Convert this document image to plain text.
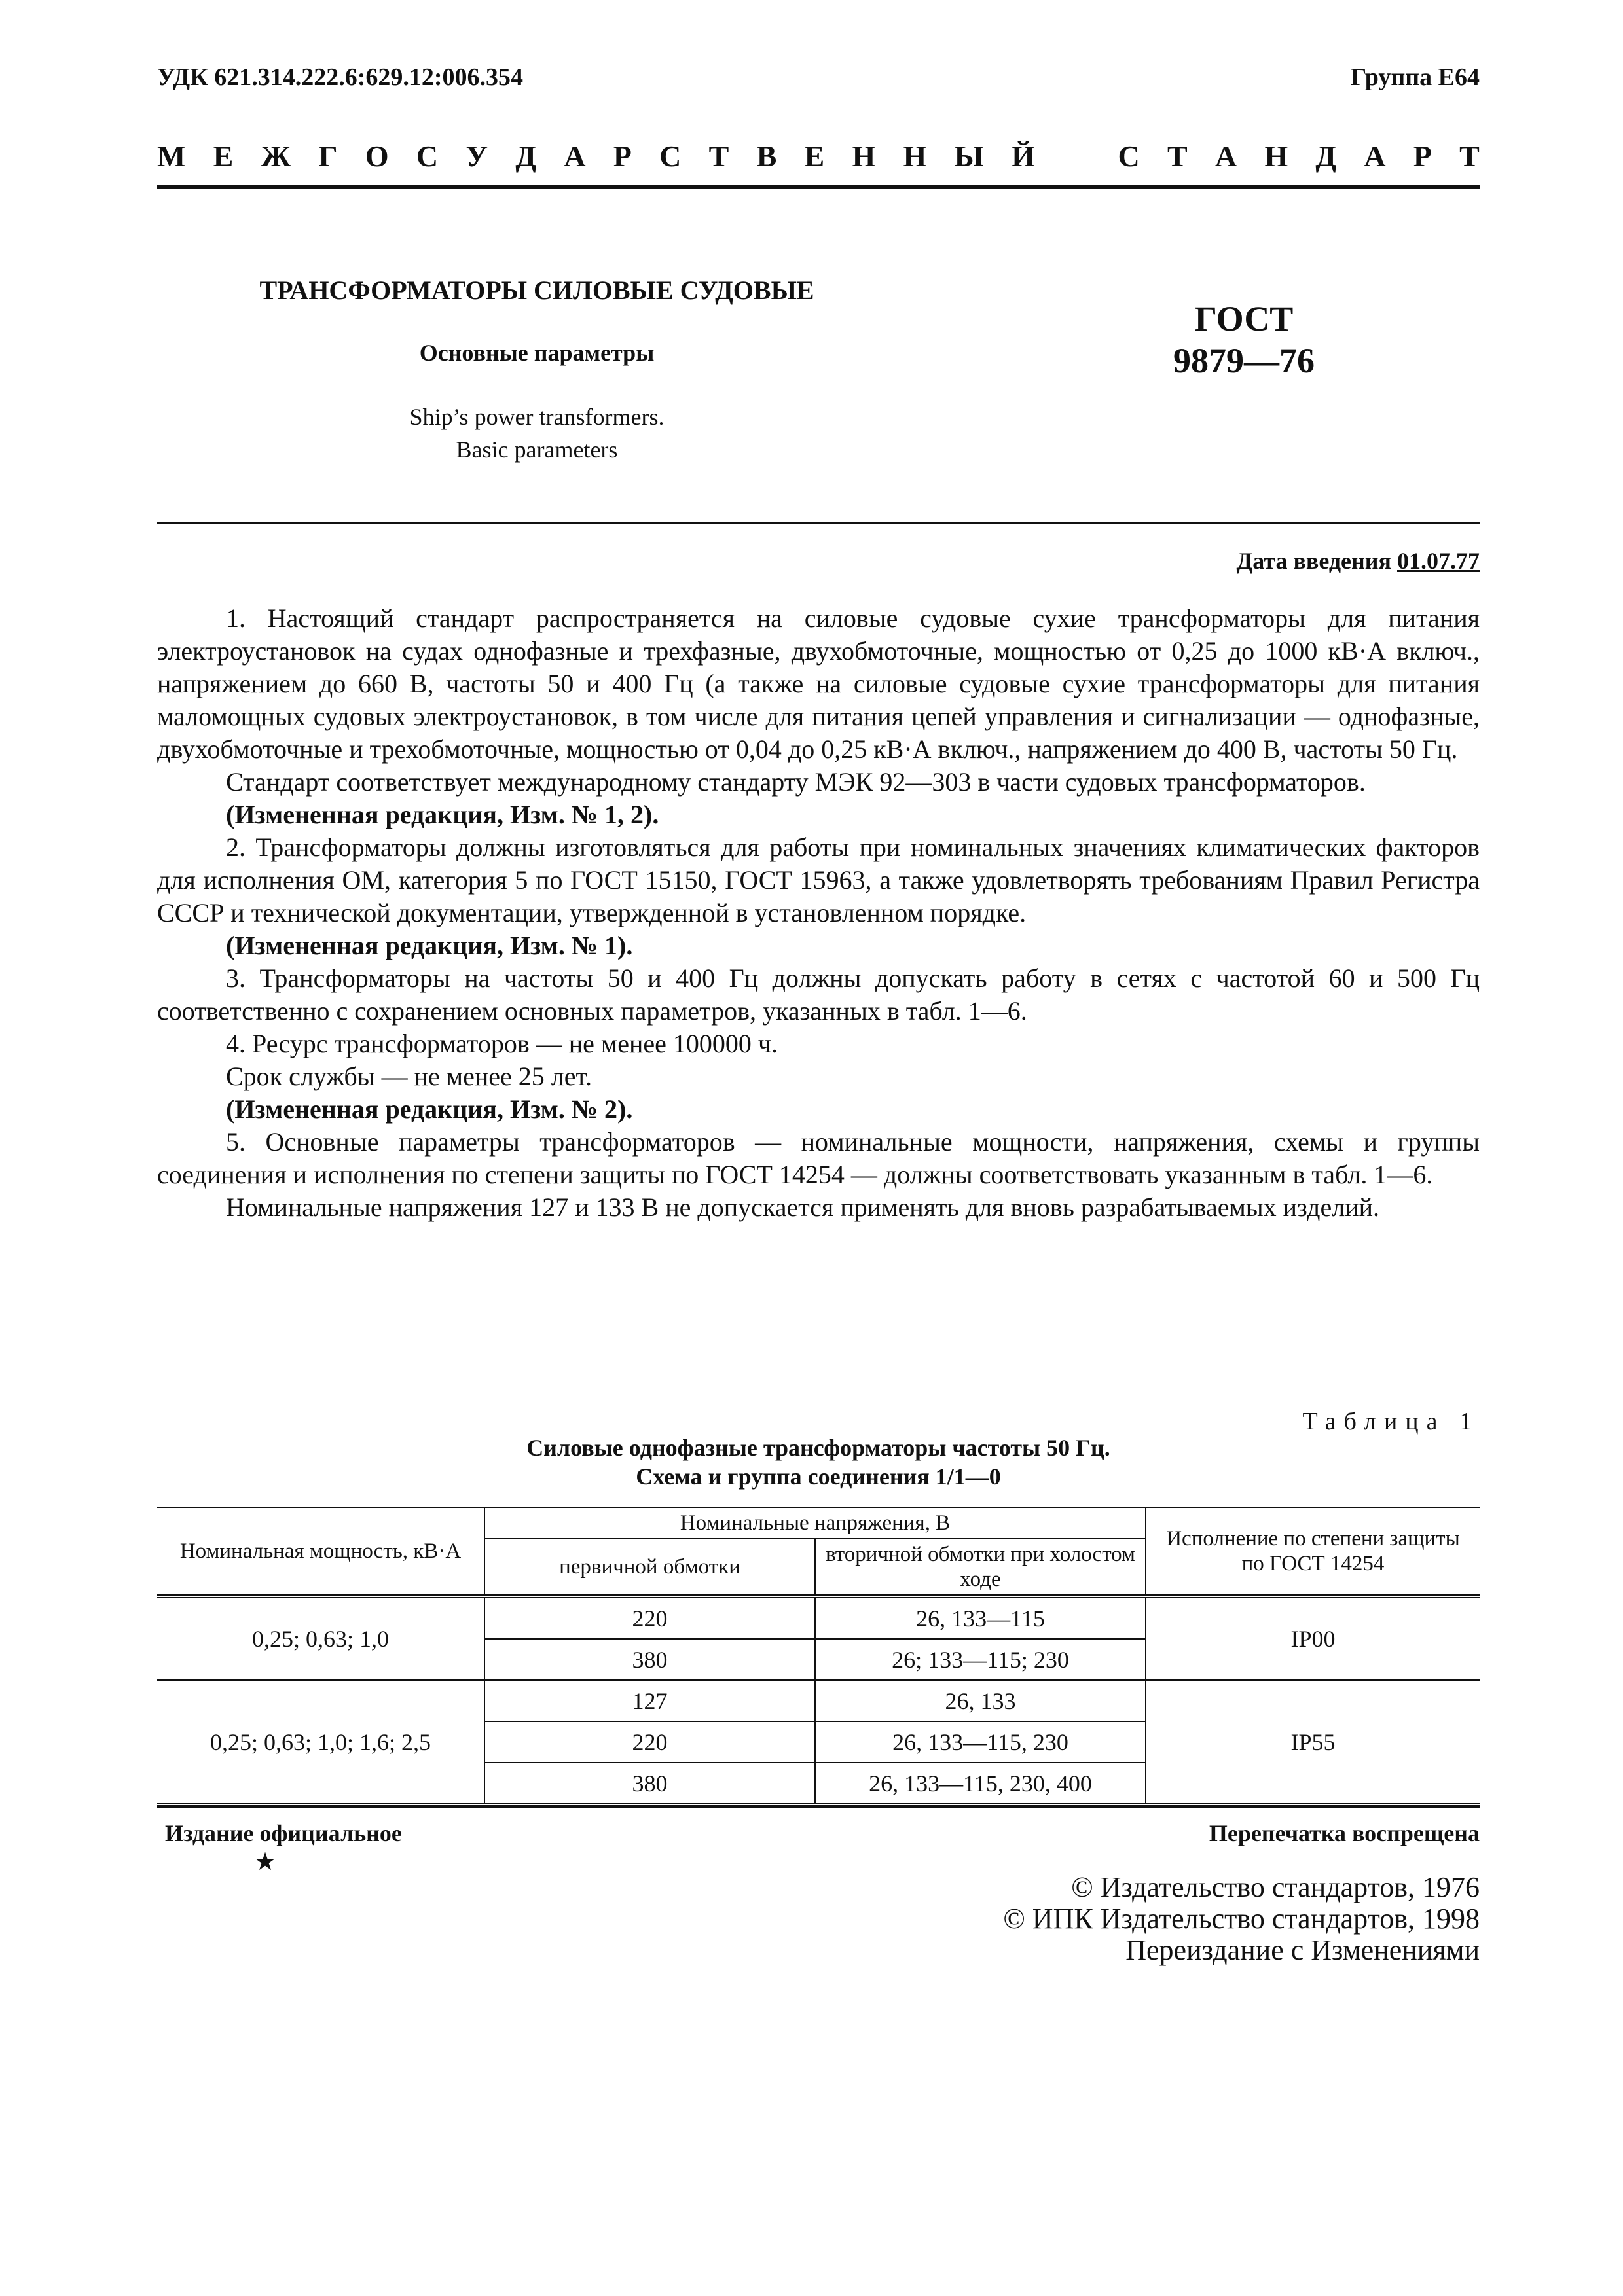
УДК 621.314.222.6:629.12:006.354	Группа Е64
М Е Ж Г О С У Д А Р С Т В Е Н Н Ы Й	С Т А Н Д А Р Т
ТРАНСФОРМАТОРЫ СИЛОВЫЕ СУДОВЫЕ
Основные параметры
Ship’s power transformers.
Basic parameters
ГОСТ
9879—76
Дата введения 01.07.77

1. Настоящий стандарт распространяется на силовые судовые сухие трансформаторы для питания электроустановок на судах однофазные и трехфазные, двухобмоточные, мощностью от 0,25 до 1000 кВ·А включ., напряжением до 660 В, частоты 50 и 400 Гц (а также на силовые судовые сухие трансформаторы для питания маломощных судовых электроустановок, в том числе для питания цепей управления и сигнализации — однофазные, двухобмоточные и трехобмоточные, мощностью от 0,04 до 0,25 кВ·А включ., напряжением до 400 В, частоты 50 Гц.

Стандарт соответствует международному стандарту МЭК 92—303 в части судовых трансформаторов.

(Измененная редакция, Изм. № 1, 2).

2. Трансформаторы должны изготовляться для работы при номинальных значениях климатических факторов для исполнения ОМ, категория 5 по ГОСТ 15150, ГОСТ 15963, а также удовлетворять требованиям Правил Регистра СССР и технической документации, утвержденной в установленном порядке.

(Измененная редакция, Изм. № 1).

3. Трансформаторы на частоты 50 и 400 Гц должны допускать работу в сетях с частотой 60 и 500 Гц соответственно с сохранением основных параметров, указанных в табл. 1—6.

4. Ресурс трансформаторов — не менее 100000 ч.

Срок службы — не менее 25 лет.

(Измененная редакция, Изм. № 2).

5. Основные параметры трансформаторов — номинальные мощности, напряжения, схемы и группы соединения и исполнения по степени защиты по ГОСТ 14254 — должны соответствовать указанным в табл. 1—6.

Номинальные напряжения 127 и 133 В не допускается применять для вновь разрабатываемых изделий.

Таблица 1
Силовые однофазные трансформаторы частоты 50 Гц.
Схема и группа соединения 1/1—0
Номинальная мощность, кВ·А	Номинальные напряжения, В		Исполнение по степени защиты по ГОСТ 14254
	первичной обмотки	вторичной обмотки при холостом ходе	
0,25; 0,63; 1,0	220	26, 133—115	IP00
	380	26; 133—115; 230	
0,25; 0,63; 1,0; 1,6; 2,5	127	26, 133	IP55
	220	26, 133—115, 230	
	380	26, 133—115, 230, 400	
Издание официальное	Перепечатка воспрещена
★
© Издательство стандартов, 1976
© ИПК Издательство стандартов, 1998
Переиздание с Изменениями
